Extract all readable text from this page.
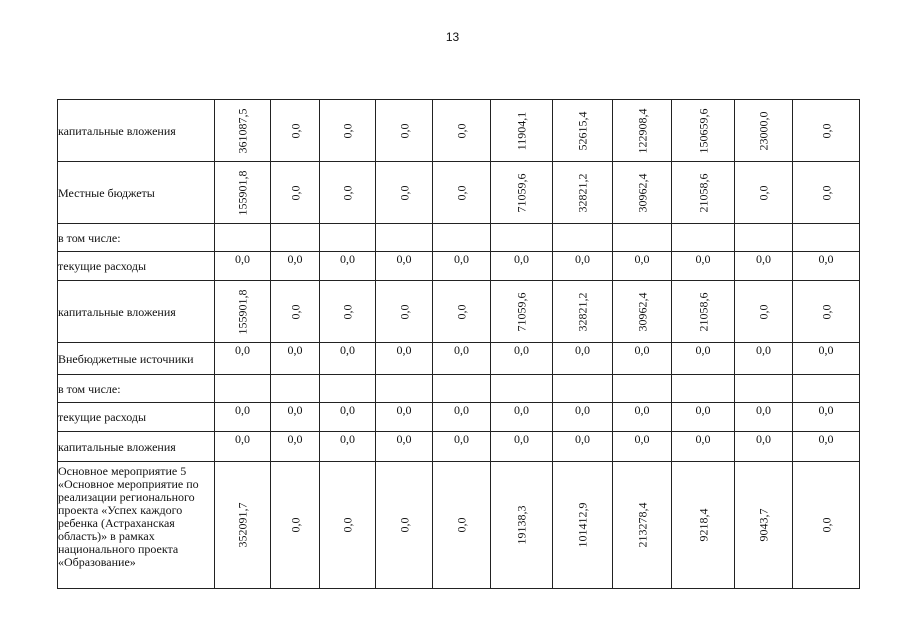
13
капитальные вложения	361087,5	0,0	0,0	0,0	0,0	11904,1	52615,4	122908,4	150659,6	23000,0	0,0
Местные бюджеты	155901,8	0,0	0,0	0,0	0,0	71059,6	32821,2	30962,4	21058,6	0,0	0,0
в том числе:											
текущие расходы	0,0	0,0	0,0	0,0	0,0	0,0	0,0	0,0	0,0	0,0	0,0
капитальные вложения	155901,8	0,0	0,0	0,0	0,0	71059,6	32821,2	30962,4	21058,6	0,0	0,0
Внебюджетные источники	0,0	0,0	0,0	0,0	0,0	0,0	0,0	0,0	0,0	0,0	0,0
в том числе:											
текущие расходы	0,0	0,0	0,0	0,0	0,0	0,0	0,0	0,0	0,0	0,0	0,0
капитальные вложения	0,0	0,0	0,0	0,0	0,0	0,0	0,0	0,0	0,0	0,0	0,0
Основное мероприятие 5 «Основное мероприятие по реализации регионального проекта «Успех каждого ребенка (Астраханская область)» в рамках национального проекта «Образование»	352091,7	0,0	0,0	0,0	0,0	19138,3	101412,9	213278,4	9218,4	9043,7	0,0
